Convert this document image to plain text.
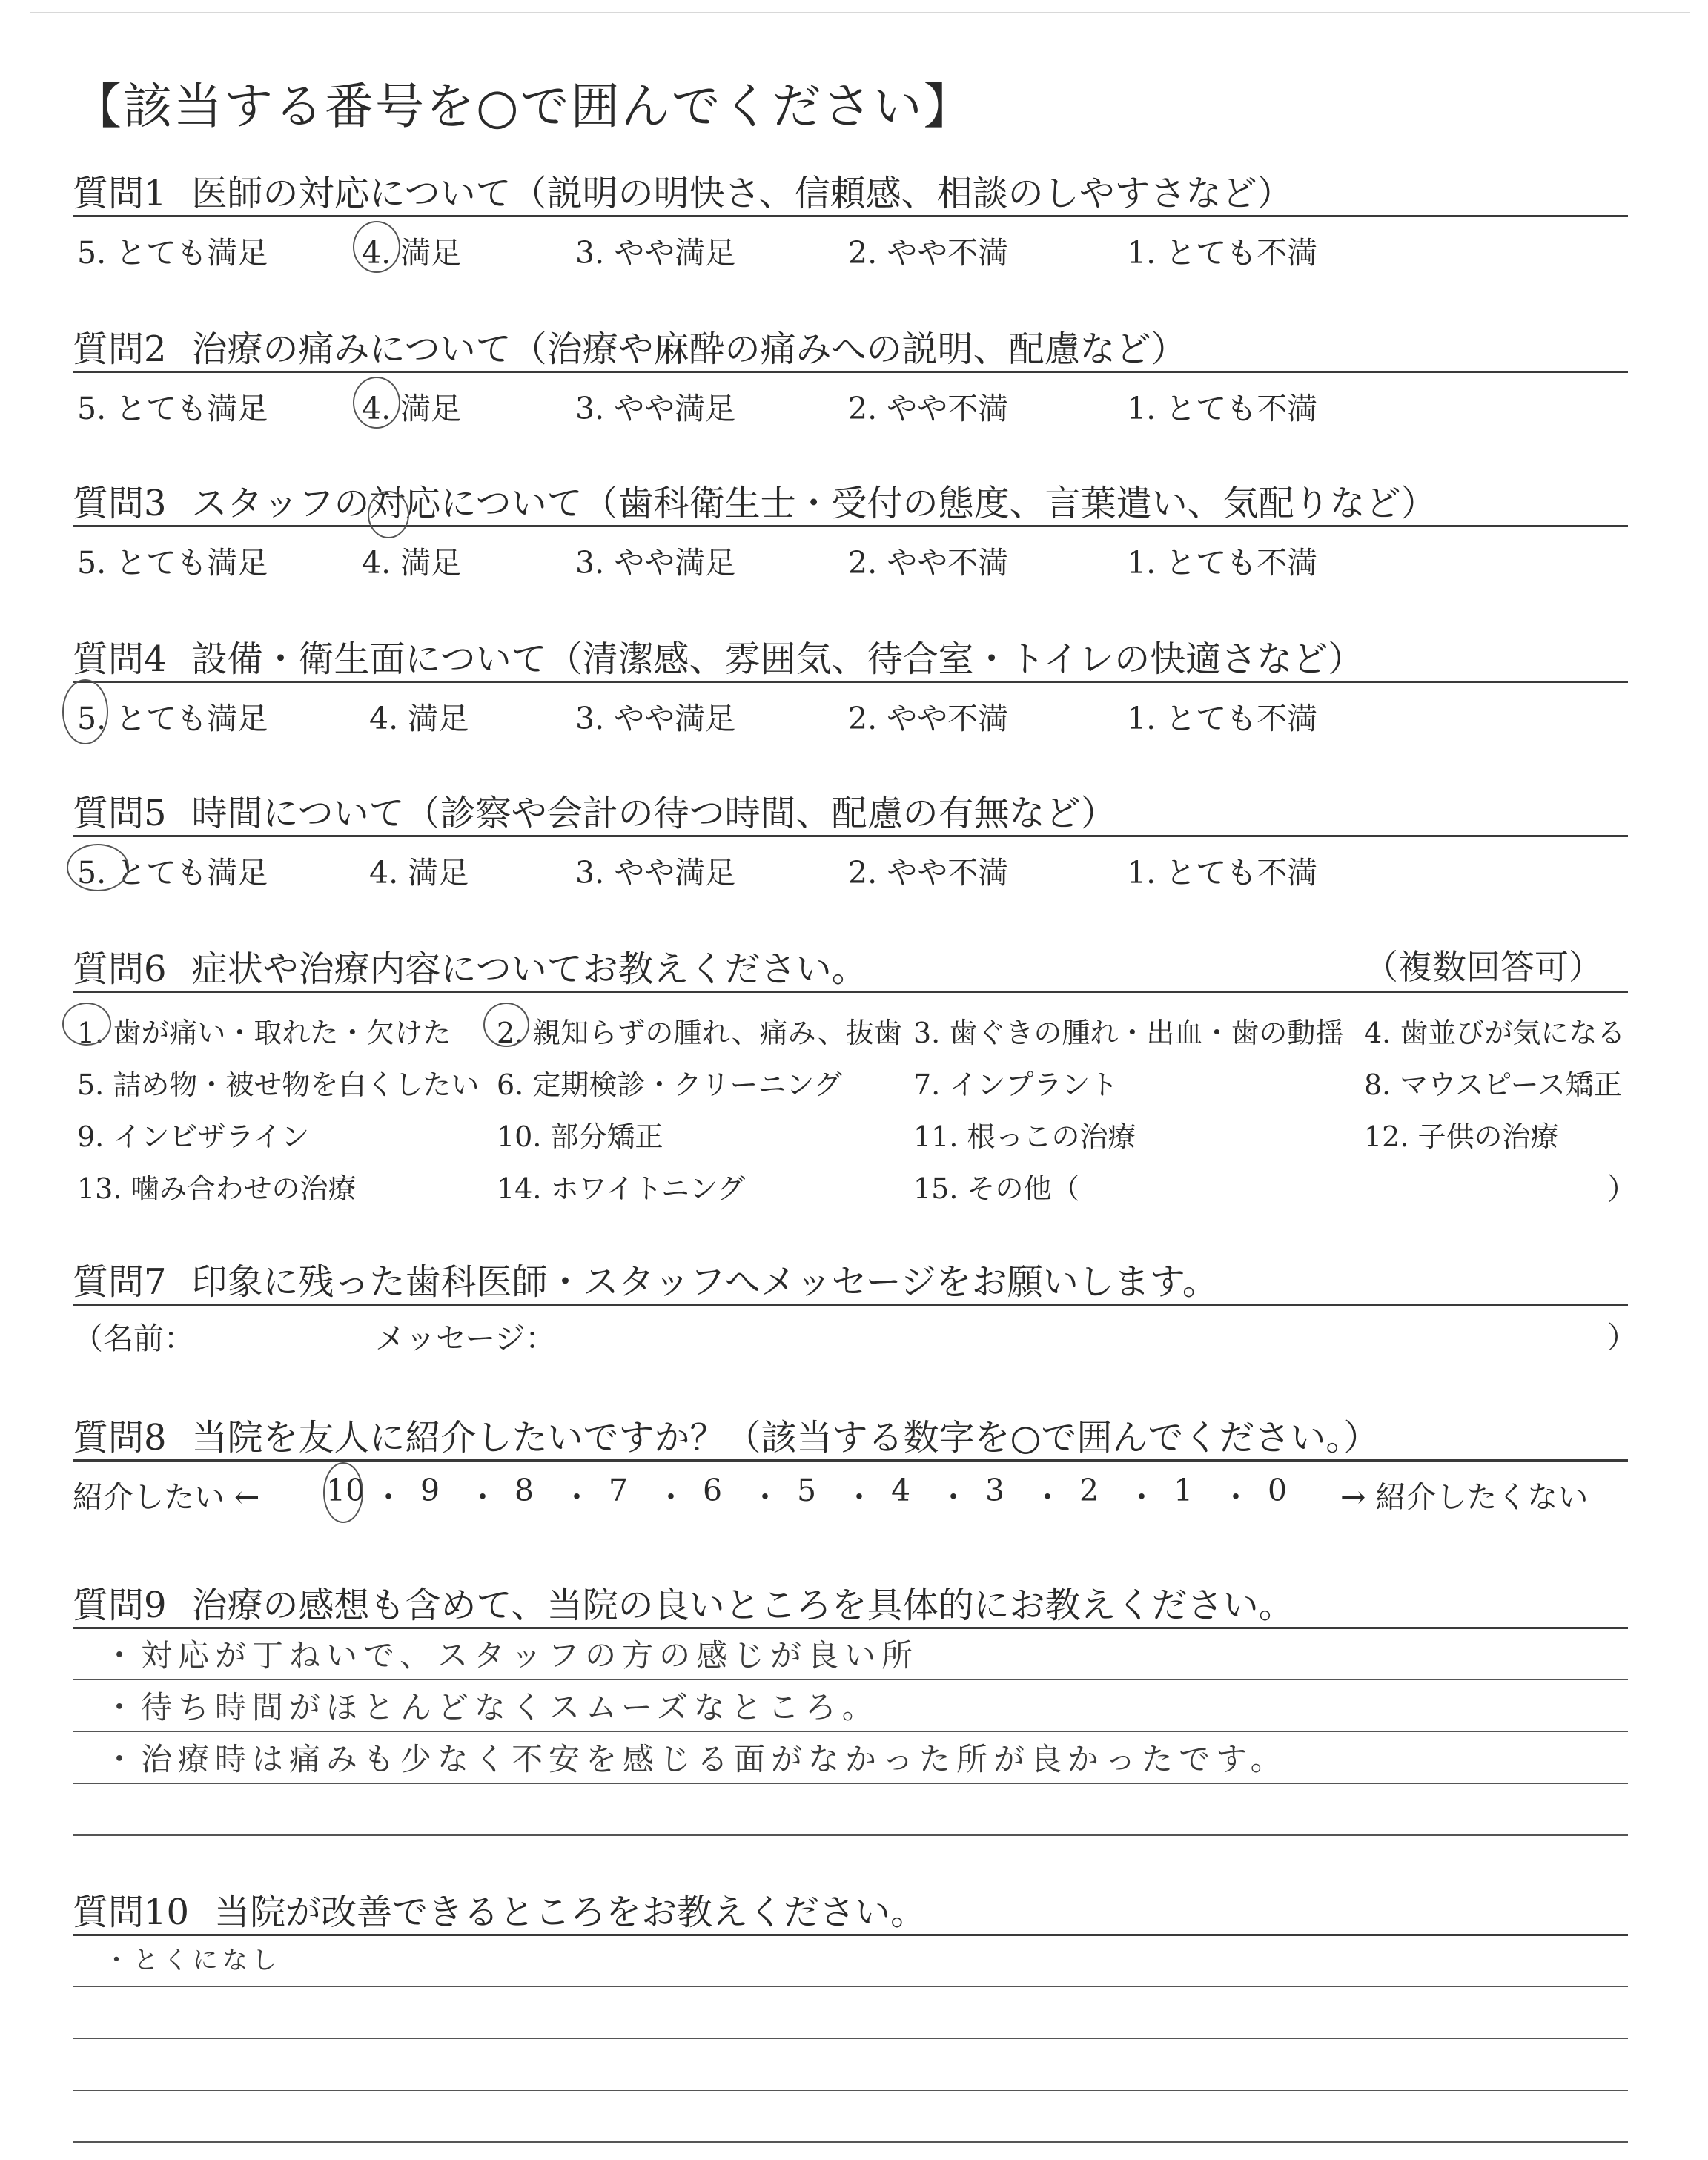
【該当する番号を○で囲んでください】
質問1 医師の対応について（説明の明快さ、信頼感、相談のしやすさなど）
5. とても満足	4. 満足	3. やや満足	2. やや不満	1. とても不満
質問2 治療の痛みについて（治療や麻酔の痛みへの説明、配慮など）
5. とても満足	4. 満足	3. やや満足	2. やや不満	1. とても不満
質問3 スタッフの対応について（歯科衛生士・受付の態度、言葉遣い、気配りなど）
5. とても満足	4. 満足	3. やや満足	2. やや不満	1. とても不満
質問4 設備・衛生面について（清潔感、雰囲気、待合室・トイレの快適さなど）
5. とても満足	4. 満足	3. やや満足	2. やや不満	1. とても不満
質問5 時間について（診察や会計の待つ時間、配慮の有無など）
5. とても満足	4. 満足	3. やや満足	2. やや不満	1. とても不満
質問6 症状や治療内容についてお教えください。	（複数回答可）
1. 歯が痛い・取れた・欠けた 2. 親知らずの腫れ、痛み、抜歯 3. 歯ぐきの腫れ・出血・歯の動揺 4. 歯並びが気になる
5. 詰め物・被せ物を白くしたい 6. 定期検診・クリーニング	7. インプラント	8. マウスピース矯正
9. インビザライン	10. 部分矯正	11. 根っこの治療	12. 子供の治療
13. 噛み合わせの治療	14. ホワイトニング	15. その他（	）
質問7 印象に残った歯科医師・スタッフへメッセージをお願いします。
（名前：	メッセージ：	）
質問8 当院を友人に紹介したいですか？（該当する数字を○で囲んでください。）
紹介したい ← 10 ・ 9 ・ 8 ・ 7 ・ 6 ・ 5 ・ 4 ・ 3 ・ 2 ・ 1 ・ 0 → 紹介したくない
質問9 治療の感想も含めて、当院の良いところを具体的にお教えください。
・対応が丁ねいで、スタッフの方の感じが良い所
・待ち時間がほとんどなくスムーズなところ。
・治療時は痛みも少なく不安を感じる面がなかった所が良かったです。
質問10 当院が改善できるところをお教えください。
・とくになし
